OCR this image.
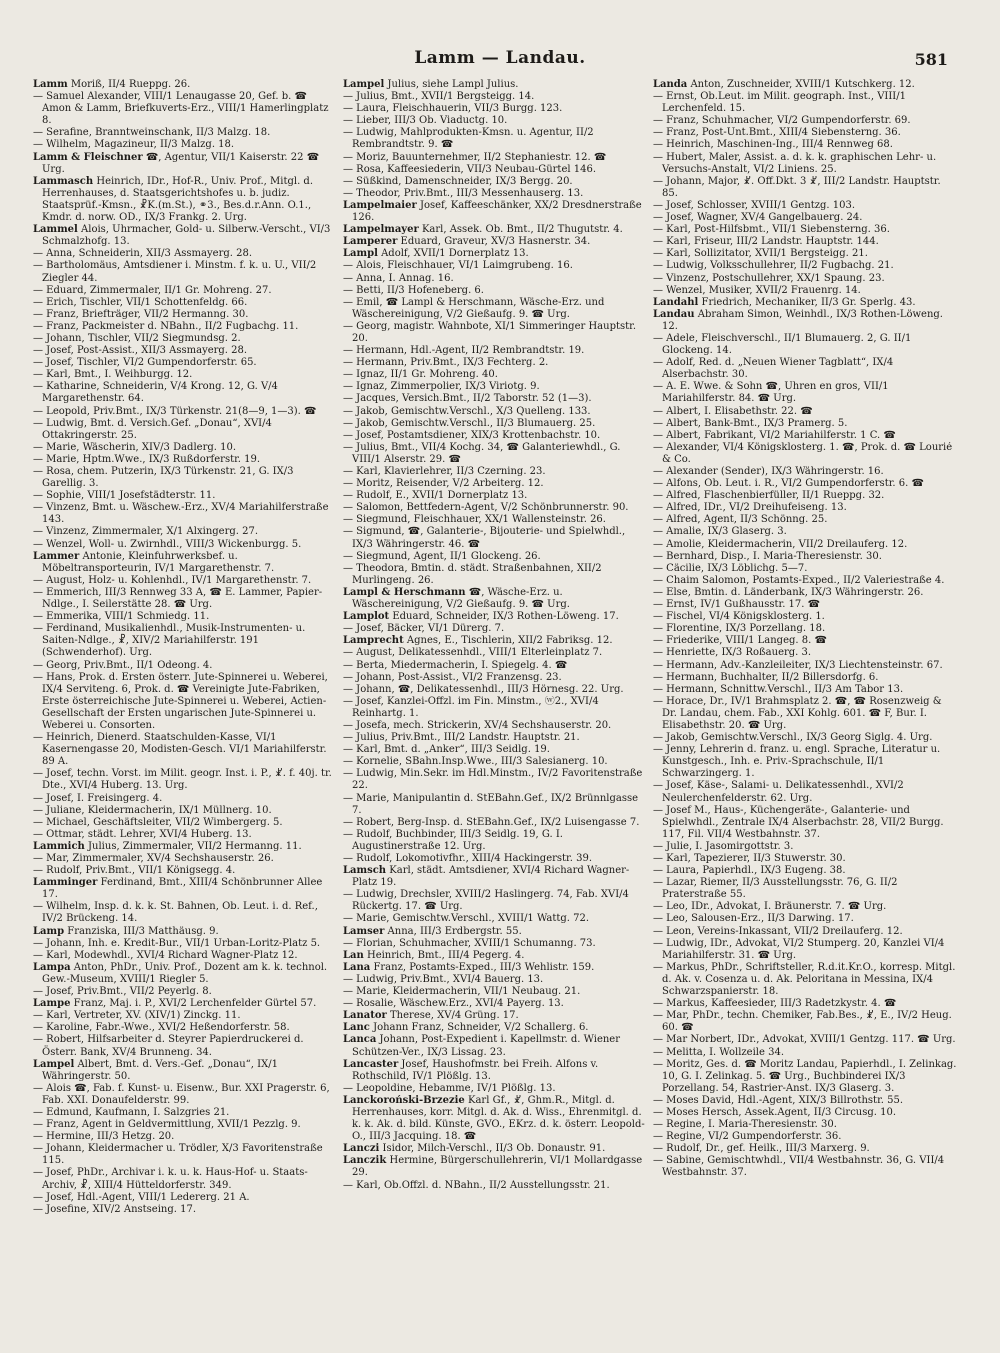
Lamm — Landau.	581
Lamm Moriß, II/4 Rueppg. 26.
— Samuel Alexander, VIII/1 Lenaugasse 20, Gef. b. ☎ Amon & Lamm, Briefkuverts-Erz., VIII/1 Hamerlingplatz 8.
— Serafine, Branntweinschank, II/3 Malzg. 18.
— Wilhelm, Magazineur, II/3 Malzg. 18.
Lamm & Fleischner ☎, Agentur, VII/1 Kaiserstr. 22 ☎ Urg.
Lammasch Heinrich, IDr., Hof-R., Univ. Prof., Mitgl. d. Herrenhauses, d. Staatsgerichtshofes u. b. judiz. Staatsprüf.-Kmsn., ☧K.(m.St.), ⚭3., Bes.d.r.Ann. O.1., Kmdr. d. norw. OD., IX/3 Frankg. 2. Urg.
Lammel Alois, Uhrmacher, Gold- u. Silberw.-Verscht., VI/3 Schmalzhofg. 13.
— Anna, Schneiderin, XII/3 Assmayerg. 28.
— Bartholomäus, Amtsdiener i. Minstm. f. k. u. U., VII/2 Ziegler 44.
— Eduard, Zimmermaler, II/1 Gr. Mohreng. 27.
— Erich, Tischler, VII/1 Schottenfeldg. 66.
— Franz, Briefträger, VII/2 Hermanng. 30.
— Franz, Packmeister d. NBahn., II/2 Fugbachg. 11.
— Johann, Tischler, VII/2 Siegmundsg. 2.
— Josef, Post-Assist., XII/3 Assmayerg. 28.
— Josef, Tischler, VI/2 Gumpendorferstr. 65.
— Karl, Bmt., I. Weihburgg. 12.
— Katharine, Schneiderin, V/4 Krong. 12, G. V/4 Margarethenstr. 64.
— Leopold, Priv.Bmt., IX/3 Türkenstr. 21(8—9, 1—3). ☎
— Ludwig, Bmt. d. Versich.Gef. „Donau“, XVI/4 Ottakringerstr. 25.
— Marie, Wäscherin, XIV/3 Dadlerg. 10.
— Marie, Hptm.Wwe., IX/3 Rußdorferstr. 19.
— Rosa, chem. Putzerin, IX/3 Türkenstr. 21, G. IX/3 Garellig. 3.
— Sophie, VIII/1 Josefstädterstr. 11.
— Vinzenz, Bmt. u. Wäschew.-Erz., XV/4 Mariahilferstraße 143.
— Vinzenz, Zimmermaler, X/1 Alxingerg. 27.
— Wenzel, Woll- u. Zwirnhdl., VIII/3 Wickenburgg. 5.
Lammer Antonie, Kleinfuhrwerksbef. u. Möbeltransporteurin, IV/1 Margarethenstr. 7.
— August, Holz- u. Kohlenhdl., IV/1 Margarethenstr. 7.
— Emmerich, III/3 Rennweg 33 A, ☎ E. Lammer, Papier-Ndlge., I. Seilerstätte 28. ☎ Urg.
— Emmerika, VIII/1 Schmiedg. 11.
— Ferdinand, Musikalienhdl., Musik-Instrumenten- u. Saiten-Ndlge., ☧, XIV/2 Mariahilferstr. 191 (Schwenderhof). Urg.
— Georg, Priv.Bmt., II/1 Odeong. 4.
— Hans, Prok. d. Ersten österr. Jute-Spinnerei u. Weberei, IX/4 Serviteng. 6, Prok. d. ☎ Vereinigte Jute-Fabriken, Erste österreichische Jute-Spinnerei u. Weberei, Actien-Gesellschaft der Ersten ungarischen Jute-Spinnerei u. Weberei u. Consorten.
— Heinrich, Dienerd. Staatschulden-Kasse, VI/1 Kasernengasse 20, Modisten-Gesch. VI/1 Mariahilferstr. 89 A.
— Josef, techn. Vorst. im Milit. geogr. Inst. i. P., ☧. f. 40j. tr. Dte., XVI/4 Huberg. 13. Urg.
— Josef, I. Freisingerg. 4.
— Juliane, Kleidermacherin, IX/1 Müllnerg. 10.
— Michael, Geschäftsleiter, VII/2 Wimbergerg. 5.
— Ottmar, städt. Lehrer, XVI/4 Huberg. 13.
Lammich Julius, Zimmermaler, VII/2 Hermanng. 11.
— Mar, Zimmermaler, XV/4 Sechshauserstr. 26.
— Rudolf, Priv.Bmt., VII/1 Königsegg. 4.
Lamminger Ferdinand, Bmt., XIII/4 Schönbrunner Allee 17.
— Wilhelm, Insp. d. k. k. St. Bahnen, Ob. Leut. i. d. Ref., IV/2 Brückeng. 14.
Lamp Franziska, III/3 Matthäusg. 9.
— Johann, Inh. e. Kredit-Bur., VII/1 Urban-Loritz-Platz 5.
— Karl, Modewhdl., XVI/4 Richard Wagner-Platz 12.
Lampa Anton, PhDr., Univ. Prof., Dozent am k. k. technol. Gew.-Museum, XVIII/1 Riegler 5.
— Josef, Priv.Bmt., VII/2 Peyerlg. 8.
Lampe Franz, Maj. i. P., XVI/2 Lerchenfelder Gürtel 57.
— Karl, Vertreter, XV. (XIV/1) Zinckg. 11.
— Karoline, Fabr.-Wwe., XVI/2 Heßendorferstr. 58.
— Robert, Hilfsarbeiter d. Steyrer Papierdruckerei d. Österr. Bank, XV/4 Brunneng. 34.
Lampel Albert, Bmt. d. Vers.-Gef. „Donau“, IX/1 Währingerstr. 50.
— Alois ☎, Fab. f. Kunst- u. Eisenw., Bur. XXI Pragerstr. 6, Fab. XXI. Donaufelderstr. 99.
— Edmund, Kaufmann, I. Salzgries 21.
— Franz, Agent in Geldvermittlung, XVII/1 Pezzlg. 9.
— Hermine, III/3 Hetzg. 20.
— Johann, Kleidermacher u. Trödler, X/3 Favoritenstraße 115.
— Josef, PhDr., Archivar i. k. u. k. Haus-Hof- u. Staats-Archiv, ☧, XIII/4 Hütteldorferstr. 349.
— Josef, Hdl.-Agent, VIII/1 Ledererg. 21 A.
— Josefine, XIV/2 Anstseing. 17.
Lampel Julius, siehe Lampl Julius.
— Julius, Bmt., XVII/1 Bergsteigg. 14.
— Laura, Fleischhauerin, VII/3 Burgg. 123.
— Lieber, III/3 Ob. Viaductg. 10.
— Ludwig, Mahlprodukten-Kmsn. u. Agentur, II/2 Rembrandtstr. 9. ☎
— Moriz, Bauunternehmer, II/2 Stephaniestr. 12. ☎
— Rosa, Kaffeesiederin, VII/3 Neubau-Gürtel 146.
— Süßkind, Damenschneider, IX/3 Bergg. 20.
— Theodor, Priv.Bmt., III/3 Messenhauserg. 13.
Lampelmaier Josef, Kaffeeschänker, XX/2 Dresdnerstraße 126.
Lampelmayer Karl, Assek. Ob. Bmt., II/2 Thugutstr. 4.
Lamperer Eduard, Graveur, XV/3 Hasnerstr. 34.
Lampl Adolf, XVII/1 Dornerplatz 13.
— Alois, Fleischhauer, VI/1 Laimgrubeng. 16.
— Anna, I. Annag. 16.
— Betti, II/3 Hofeneberg. 6.
— Emil, ☎ Lampl & Herschmann, Wäsche-Erz. und Wäschereinigung, V/2 Gießaufg. 9. ☎ Urg.
— Georg, magistr. Wahnbote, XI/1 Simmeringer Hauptstr. 20.
— Hermann, Hdl.-Agent, II/2 Rembrandtstr. 19.
— Hermann, Priv.Bmt., IX/3 Fechterg. 2.
— Ignaz, II/1 Gr. Mohreng. 40.
— Ignaz, Zimmerpolier, IX/3 Viriotg. 9.
— Jacques, Versich.Bmt., II/2 Taborstr. 52 (1—3).
— Jakob, Gemischtw.Verschl., X/3 Quelleng. 133.
— Jakob, Gemischtw.Verschl., II/3 Blumauerg. 25.
— Josef, Postamtsdiener, XIX/3 Krottenbachstr. 10.
— Julius, Bmt., VII/4 Kochg. 34, ☎ Galanteriewhdl., G. VIII/1 Alserstr. 29. ☎
— Karl, Klavierlehrer, II/3 Czerning. 23.
— Moritz, Reisender, V/2 Arbeiterg. 12.
— Rudolf, E., XVII/1 Dornerplatz 13.
— Salomon, Bettfedern-Agent, V/2 Schönbrunnerstr. 90.
— Siegmund, Fleischhauer, XX/1 Wallensteinstr. 26.
— Sigmund, ☎, Galanterie-, Bijouterie- und Spielwhdl., IX/3 Währingerstr. 46. ☎
— Siegmund, Agent, II/1 Glockeng. 26.
— Theodora, Bmtin. d. städt. Straßenbahnen, XII/2 Murlingeng. 26.
Lampl & Herschmann ☎, Wäsche-Erz. u. Wäschereinigung, V/2 Gießaufg. 9. ☎ Urg.
Lamplot Eduard, Schneider, IX/3 Rothen-Löweng. 17.
— Josef, Bäcker, VI/1 Dürerg. 7.
Lamprecht Agnes, E., Tischlerin, XII/2 Fabriksg. 12.
— August, Delikatessenhdl., VIII/1 Elterleinplatz 7.
— Berta, Miedermacherin, I. Spiegelg. 4. ☎
— Johann, Post-Assist., VI/2 Franzensg. 23.
— Johann, ☎, Delikatessenhdl., III/3 Hörnesg. 22. Urg.
— Josef, Kanzlei-Offzl. im Fin. Minstm., ⓦ2., XVI/4 Reinhartg. 1.
— Josefa, mech. Strickerin, XV/4 Sechshauserstr. 20.
— Julius, Priv.Bmt., III/2 Landstr. Hauptstr. 21.
— Karl, Bmt. d. „Anker“, III/3 Seidlg. 19.
— Kornelie, SBahn.Insp.Wwe., III/3 Salesianerg. 10.
— Ludwig, Min.Sekr. im Hdl.Minstm., IV/2 Favoritenstraße 22.
— Marie, Manipulantin d. StEBahn.Gef., IX/2 Brünnlgasse 7.
— Robert, Berg-Insp. d. StEBahn.Gef., IX/2 Luisengasse 7.
— Rudolf, Buchbinder, III/3 Seidlg. 19, G. I. Augustinerstraße 12. Urg.
— Rudolf, Lokomotivfhr., XIII/4 Hackingerstr. 39.
Lamsch Karl, städt. Amtsdiener, XVI/4 Richard Wagner-Platz 19.
— Ludwig, Drechsler, XVIII/2 Haslingerg. 74, Fab. XVI/4 Rückertg. 17. ☎ Urg.
— Marie, Gemischtw.Verschl., XVIII/1 Wattg. 72.
Lamser Anna, III/3 Erdbergstr. 55.
— Florian, Schuhmacher, XVIII/1 Schumanng. 73.
Lan Heinrich, Bmt., III/4 Pegerg. 4.
Lana Franz, Postamts-Exped., III/3 Wehlistr. 159.
— Ludwig, Priv.Bmt., XVI/4 Bauerg. 13.
— Marie, Kleidermacherin, VII/1 Neubaug. 21.
— Rosalie, Wäschew.Erz., XVI/4 Payerg. 13.
Lanator Therese, XV/4 Grüng. 17.
Lanc Johann Franz, Schneider, V/2 Schallerg. 6.
Lanca Johann, Post-Expedient i. Kapellmstr. d. Wiener Schützen-Ver., IX/3 Lissag. 23.
Lancaster Josef, Haushofmstr. bei Freih. Alfons v. Rothschild, IV/1 Plößlg. 13.
— Leopoldine, Hebamme, IV/1 Plößlg. 13.
Lanckoroński-Brzezie Karl Gf., ☧, Ghm.R., Mitgl. d. Herrenhauses, korr. Mitgl. d. Ak. d. Wiss., Ehrenmitgl. d. k. k. Ak. d. bild. Künste, GVO., EKrz. d. k. österr. Leopold-O., III/3 Jacquing. 18. ☎
Lanczi Isidor, Milch-Verschl., II/3 Ob. Donaustr. 91.
Lanczik Hermine, Bürgerschullehrerin, VI/1 Mollardgasse 29.
— Karl, Ob.Offzl. d. NBahn., II/2 Ausstellungsstr. 21.
Landa Anton, Zuschneider, XVIII/1 Kutschkerg. 12.
— Ernst, Ob.Leut. im Milit. geograph. Inst., VIII/1 Lerchenfeld. 15.
— Franz, Schuhmacher, VI/2 Gumpendorferstr. 69.
— Franz, Post-Unt.Bmt., XIII/4 Siebensterng. 36.
— Heinrich, Maschinen-Ing., III/4 Rennweg 68.
— Hubert, Maler, Assist. a. d. k. k. graphischen Lehr- u. Versuchs-Anstalt, VI/2 Liniens. 25.
— Johann, Major, ☧. Off.Dkt. 3 ☧, III/2 Landstr. Hauptstr. 85.
— Josef, Schlosser, XVIII/1 Gentzg. 103.
— Josef, Wagner, XV/4 Gangelbauerg. 24.
— Karl, Post-Hilfsbmt., VII/1 Siebensterng. 36.
— Karl, Friseur, III/2 Landstr. Hauptstr. 144.
— Karl, Sollizitator, XVII/1 Bergsteigg. 21.
— Ludwig, Volksschullehrer, II/2 Fugbachg. 21.
— Vinzenz, Postschullehrer, XX/1 Spaung. 23.
— Wenzel, Musiker, XVII/2 Frauenrg. 14.
Landahl Friedrich, Mechaniker, II/3 Gr. Sperlg. 43.
Landau Abraham Simon, Weinhdl., IX/3 Rothen-Löweng. 12.
— Adele, Fleischverschl., II/1 Blumauerg. 2, G. II/1 Glockeng. 14.
— Adolf, Red. d. „Neuen Wiener Tagblatt“, IX/4 Alserbachstr. 30.
— A. E. Wwe. & Sohn ☎, Uhren en gros, VII/1 Mariahilferstr. 84. ☎ Urg.
— Albert, I. Elisabethstr. 22. ☎
— Albert, Bank-Bmt., IX/3 Pramerg. 5.
— Albert, Fabrikant, VI/2 Mariahilferstr. 1 C. ☎
— Alexander, VI/4 Königsklosterg. 1. ☎, Prok. d. ☎ Lourié & Co.
— Alexander (Sender), IX/3 Währingerstr. 16.
— Alfons, Ob. Leut. i. R., VI/2 Gumpendorferstr. 6. ☎
— Alfred, Flaschenbierfüller, II/1 Rueppg. 32.
— Alfred, IDr., VI/2 Dreihufeiseng. 13.
— Alfred, Agent, II/3 Schönng. 25.
— Amalie, IX/3 Glaserg. 3.
— Amolie, Kleidermacherin, VII/2 Dreilauferg. 12.
— Bernhard, Disp., I. Maria-Theresienstr. 30.
— Cäcilie, IX/3 Löblichg. 5—7.
— Chaim Salomon, Postamts-Exped., II/2 Valeriestraße 4.
— Else, Bmtin. d. Länderbank, IX/3 Währingerstr. 26.
— Ernst, IV/1 Gußhausstr. 17. ☎
— Fischel, VI/4 Königsklosterg. 1.
— Florentine, IX/3 Porzellang. 18.
— Friederike, VIII/1 Langeg. 8. ☎
— Henriette, IX/3 Roßauerg. 3.
— Hermann, Adv.-Kanzleileiter, IX/3 Liechtensteinstr. 67.
— Hermann, Buchhalter, II/2 Billersdorfg. 6.
— Hermann, Schnittw.Verschl., II/3 Am Tabor 13.
— Horace, Dr., IV/1 Brahmsplatz 2. ☎, ☎ Rosenzweig & Dr. Landau, chem. Fab., XXI Kohlg. 601. ☎ F, Bur. I. Elisabethstr. 20. ☎ Urg.
— Jakob, Gemischtw.Verschl., IX/3 Georg Siglg. 4. Urg.
— Jenny, Lehrerin d. franz. u. engl. Sprache, Literatur u. Kunstgesch., Inh. e. Priv.-Sprachschule, II/1 Schwarzingerg. 1.
— Josef, Käse-, Salami- u. Delikatessenhdl., XVI/2 Neulerchenfelderstr. 62. Urg.
— Josef M., Haus-, Küchengeräte-, Galanterie- und Spielwhdl., Zentrale IX/4 Alserbachstr. 28, VII/2 Burgg. 117, Fil. VII/4 Westbahnstr. 37.
— Julie, I. Jasomirgottstr. 3.
— Karl, Tapezierer, II/3 Stuwerstr. 30.
— Laura, Papierhdl., IX/3 Eugeng. 38.
— Lazar, Riemer, II/3 Ausstellungsstr. 76, G. II/2 Praterstraße 55.
— Leo, IDr., Advokat, I. Bräunerstr. 7. ☎ Urg.
— Leo, Salousen-Erz., II/3 Darwing. 17.
— Leon, Vereins-Inkassant, VII/2 Dreilauferg. 12.
— Ludwig, IDr., Advokat, VI/2 Stumperg. 20, Kanzlei VI/4 Mariahilferstr. 31. ☎ Urg.
— Markus, PhDr., Schriftsteller, R.d.it.Kr.O., korresp. Mitgl. d. Ak. v. Cosenza u. d. Ak. Peloritana in Messina, IX/4 Schwarzspanierstr. 18.
— Markus, Kaffeesieder, III/3 Radetzkystr. 4. ☎
— Mar, PhDr., techn. Chemiker, Fab.Bes., ☧, E., IV/2 Heug. 60. ☎
— Mar Norbert, IDr., Advokat, XVIII/1 Gentzg. 117. ☎ Urg.
— Melitta, I. Wollzeile 34.
— Moritz, Ges. d. ☎ Moritz Landau, Papierhdl., I. Zelinkag. 10, G. I. Zelinkag. 5. ☎ Urg., Buchbinderei IX/3 Porzellang. 54, Rastrier-Anst. IX/3 Glaserg. 3.
— Moses David, Hdl.-Agent, XIX/3 Billrothstr. 55.
— Moses Hersch, Assek.Agent, II/3 Circusg. 10.
— Regine, I. Maria-Theresienstr. 30.
— Regine, VI/2 Gumpendorferstr. 36.
— Rudolf, Dr., gef. Heilk., III/3 Marxerg. 9.
— Sabine, Gemischtwhdl., VII/4 Westbahnstr. 36, G. VII/4 Westbahnstr. 37.
